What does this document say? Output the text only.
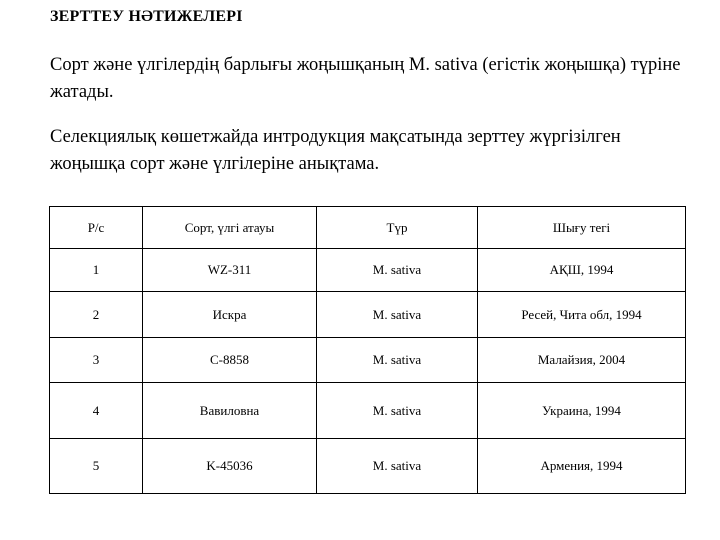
ЗЕРТТЕУ НӘТИЖЕЛЕРІ
Сорт және үлгілердің барлығы жоңышқаның M. sativa (егістік жоңышқа) түріне жатады.
Селекциялық көшетжайда интродукция мақсатында зерттеу жүргізілген жоңышқа сорт және үлгілеріне анықтама.
Р/с	Сорт, үлгі атауы	Түр	Шығу тегі
1	WZ-311	M. sativa	АҚШ, 1994
2	Искра	M. sativa	Ресей, Чита обл, 1994
3	C-8858	M. sativa	Малайзия, 2004
4	Вавиловна	M. sativa	Украина, 1994
5	K-45036	M. sativa	Армения, 1994
